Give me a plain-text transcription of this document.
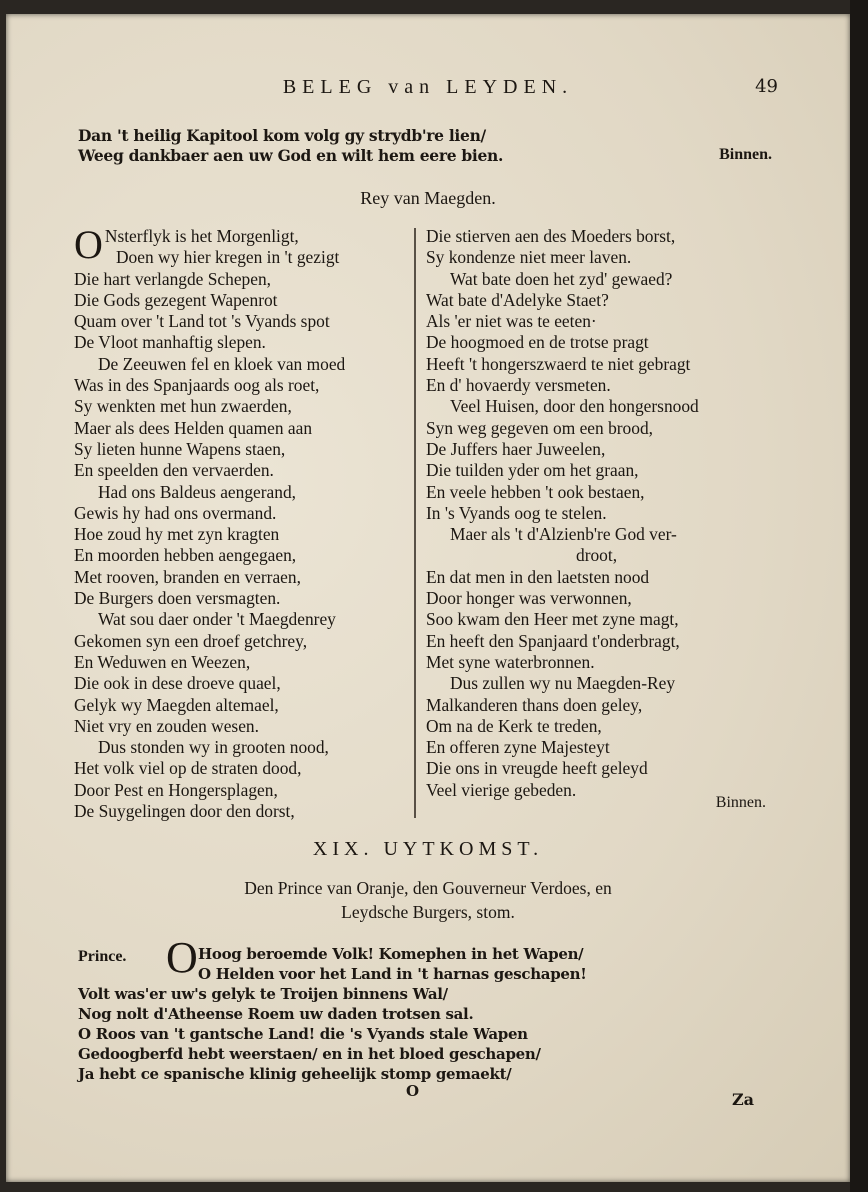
BELEG van LEYDEN.	49
Dan 't heilig Kapitool kom volg gy strydb're lien/
Weeg dankbaer aen uw God en wilt hem eere bien.	Binnen.
Rey van Maegden.
O Nsterflyk is het Morgenligt,
Doen wy hier kregen in 't gezigt
Die hart verlangde Schepen,
Die Gods gezegent Wapenrot
Quam over 't Land tot 's Vyands spot
De Vloot manhaftig slepen.
De Zeeuwen fel en kloek van moed
Was in des Spanjaards oog als roet,
Sy wenkten met hun zwaerden,
Maer als dees Helden quamen aan
Sy lieten hunne Wapens staen,
En speelden den vervaerden.
Had ons Baldeus aengerand,
Gewis hy had ons overmand.
Hoe zoud hy met zyn kragten
En moorden hebben aengegaen,
Met rooven, branden en verraen,
De Burgers doen versmagten.
Wat sou daer onder 't Maegdenrey
Gekomen syn een droef getchrey,
En Weduwen en Weezen,
Die ook in dese droeve quael,
Gelyk wy Maegden altemael,
Niet vry en zouden wesen.
Dus stonden wy in grooten nood,
Het volk viel op de straten dood,
Door Pest en Hongersplagen,
De Suygelingen door den dorst,
Die stierven aen des Moeders borst,
Sy kondenze niet meer laven.
Wat bate doen het zyd' gewaed?
Wat bate d'Adelyke Staet?
Als 'er niet was te eeten·
De hoogmoed en de trotse pragt
Heeft 't hongerszwaerd te niet gebragt
En d' hovaerdy versmeten.
Veel Huisen, door den hongersnood
Syn weg gegeven om een brood,
De Juffers haer Juweelen,
Die tuilden yder om het graan,
En veele hebben 't ook bestaen,
In 's Vyands oog te stelen.
Maer als 't d'Alzienb're God ver-
droot,
En dat men in den laetsten nood
Door honger was verwonnen,
Soo kwam den Heer met zyne magt,
En heeft den Spanjaard t'onderbragt,
Met syne waterbronnen.
Dus zullen wy nu Maegden-Rey
Malkanderen thans doen geley,
Om na de Kerk te treden,
En offeren zyne Majesteyt
Die ons in vreugde heeft geleyd
Veel vierige gebeden.
Binnen.
XIX. UYTKOMST.
Den Prince van Oranje, den Gouverneur Verdoes, en
Leydsche Burgers, stom.
Prince. O Hoog beroemde Volk! Komephen in het Wapen/
O Helden voor het Land in 't harnas geschapen!
Volt was'er uw's gelyk te Troijen binnens Wal/
Nog nolt d'Atheense Roem uw daden trotsen sal.
O Roos van 't gantsche Land! die 's Vyands stale Wapen
Gedoogberfd hebt weerstaen/ en in het bloed geschapen/
Ja hebt ce spanische klinig geheelijk stomp gemaekt/
O	Za
